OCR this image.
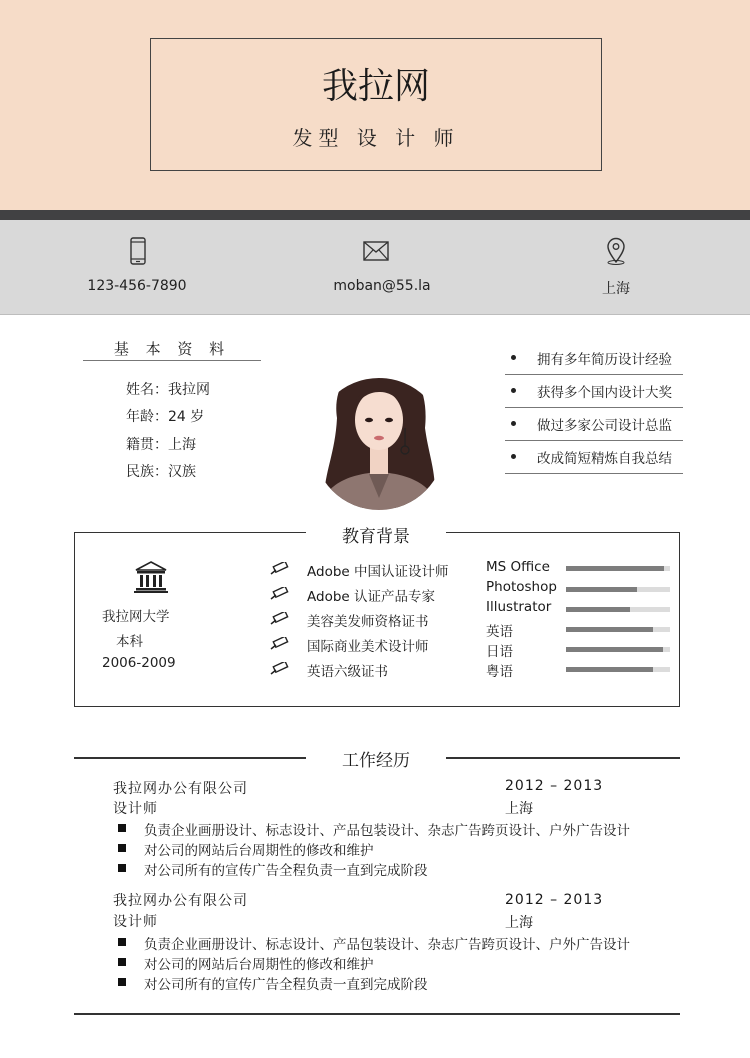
我拉网
发型 设 计 师
123-456-7890	moban@55.la	上海
基 本 资 料
姓名：我拉网
年龄：24 岁
籍贯：上海
民族：汉族
拥有多年简历设计经验
获得多个国内设计大奖
做过多家公司设计总监
改成简短精炼自我总结
教育背景
我拉网大学
本科
2006-2009
Adobe 中国认证设计师
Adobe 认证产品专家
美容美发师资格证书
国际商业美术设计师
英语六级证书
MS Office
Photoshop
Illustrator
英语
日语
粤语
工作经历
我拉网办公有限公司	2012 – 2013
设计师	上海
负责企业画册设计、标志设计、产品包装设计、杂志广告跨页设计、户外广告设计
对公司的网站后台周期性的修改和维护
对公司所有的宣传广告全程负责一直到完成阶段
我拉网办公有限公司	2012 – 2013
设计师	上海
负责企业画册设计、标志设计、产品包装设计、杂志广告跨页设计、户外广告设计
对公司的网站后台周期性的修改和维护
对公司所有的宣传广告全程负责一直到完成阶段
